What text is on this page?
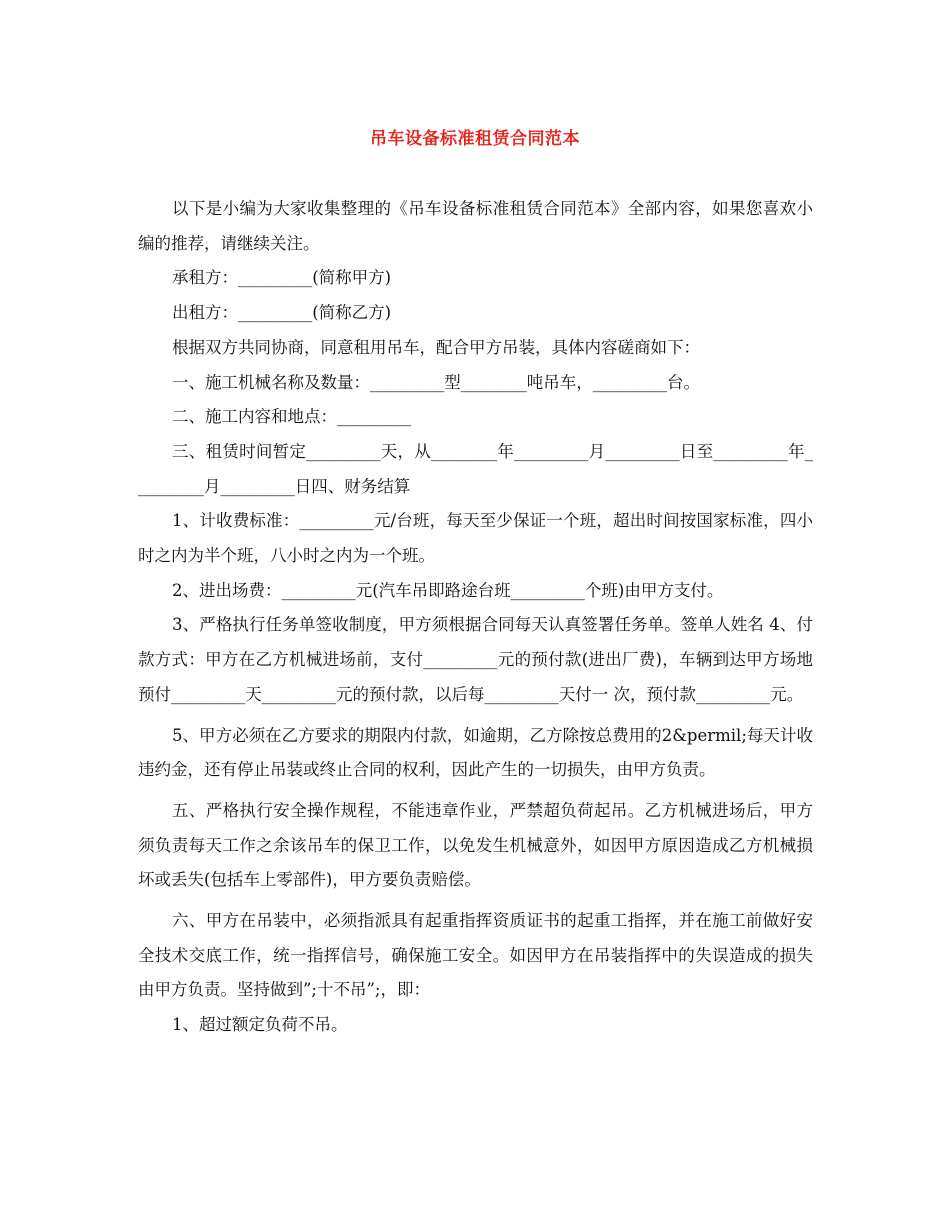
吊车设备标准租赁合同范本

以下是小编为大家收集整理的《吊车设备标准租赁合同范本》全部内容，如果您喜欢小编的推荐，请继续关注。

承租方：_________(简称甲方)

出租方：_________(简称乙方)

根据双方共同协商，同意租用吊车，配合甲方吊装，具体内容磋商如下：

一、施工机械名称及数量：_________型________吨吊车，_________台。

二、施工内容和地点：_________

三、租赁时间暂定_________天，从________年_________月_________日至_________年_________月_________日四、财务结算

1、计收费标准：_________元/台班，每天至少保证一个班，超出时间按国家标准，四小时之内为半个班，八小时之内为一个班。

2、进出场费：_________元(汽车吊即路途台班_________个班)由甲方支付。

3、严格执行任务单签收制度，甲方须根据合同每天认真签署任务单。签单人姓名 4、付款方式：甲方在乙方机械进场前，支付_________元的预付款(进出厂费)，车辆到达甲方场地预付_________天_________元的预付款，以后每_________天付一 次，预付款_________元。

5、甲方必须在乙方要求的期限内付款，如逾期，乙方除按总费用的2&permil;每天计收违约金，还有停止吊装或终止合同的权利，因此产生的一切损失，由甲方负责。

五、严格执行安全操作规程，不能违章作业，严禁超负荷起吊。乙方机械进场后，甲方须负责每天工作之余该吊车的保卫工作，以免发生机械意外，如因甲方原因造成乙方机械损坏或丢失(包括车上零部件)，甲方要负责赔偿。

六、甲方在吊装中，必须指派具有起重指挥资质证书的起重工指挥，并在施工前做好安全技术交底工作，统一指挥信号，确保施工安全。如因甲方在吊装指挥中的失误造成的损失由甲方负责。坚持做到”;十不吊”;，即：

1、超过额定负荷不吊。
